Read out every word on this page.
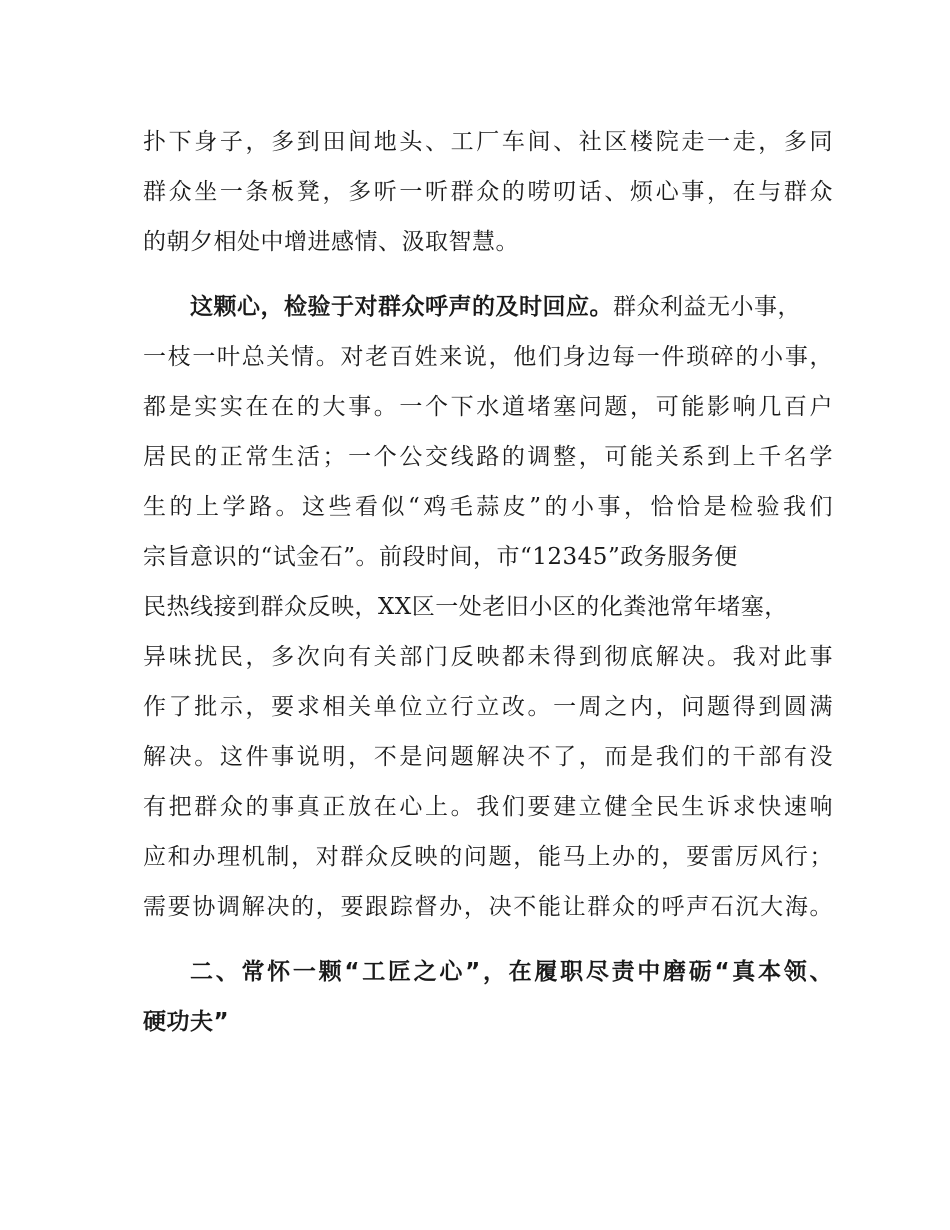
扑下身子，多到田间地头、工厂车间、社区楼院走一走，多同
群众坐一条板凳，多听一听群众的唠叨话、烦心事，在与群众
的朝夕相处中增进感情、汲取智慧。
这颗心，检验于对群众呼声的及时回应。群众利益无小事，
一枝一叶总关情。对老百姓来说，他们身边每一件琐碎的小事，
都是实实在在的大事。一个下水道堵塞问题，可能影响几百户
居民的正常生活；一个公交线路的调整，可能关系到上千名学
生的上学路。这些看似“鸡毛蒜皮”的小事，恰恰是检验我们
宗旨意识的“试金石”。前段时间，市“12345”政务服务便
民热线接到群众反映，XX区一处老旧小区的化粪池常年堵塞，
异味扰民，多次向有关部门反映都未得到彻底解决。我对此事
作了批示，要求相关单位立行立改。一周之内，问题得到圆满
解决。这件事说明，不是问题解决不了，而是我们的干部有没
有把群众的事真正放在心上。我们要建立健全民生诉求快速响
应和办理机制，对群众反映的问题，能马上办的，要雷厉风行；
需要协调解决的，要跟踪督办，决不能让群众的呼声石沉大海。
二、常怀一颗“工匠之心”，在履职尽责中磨砺“真本领、
硬功夫”
